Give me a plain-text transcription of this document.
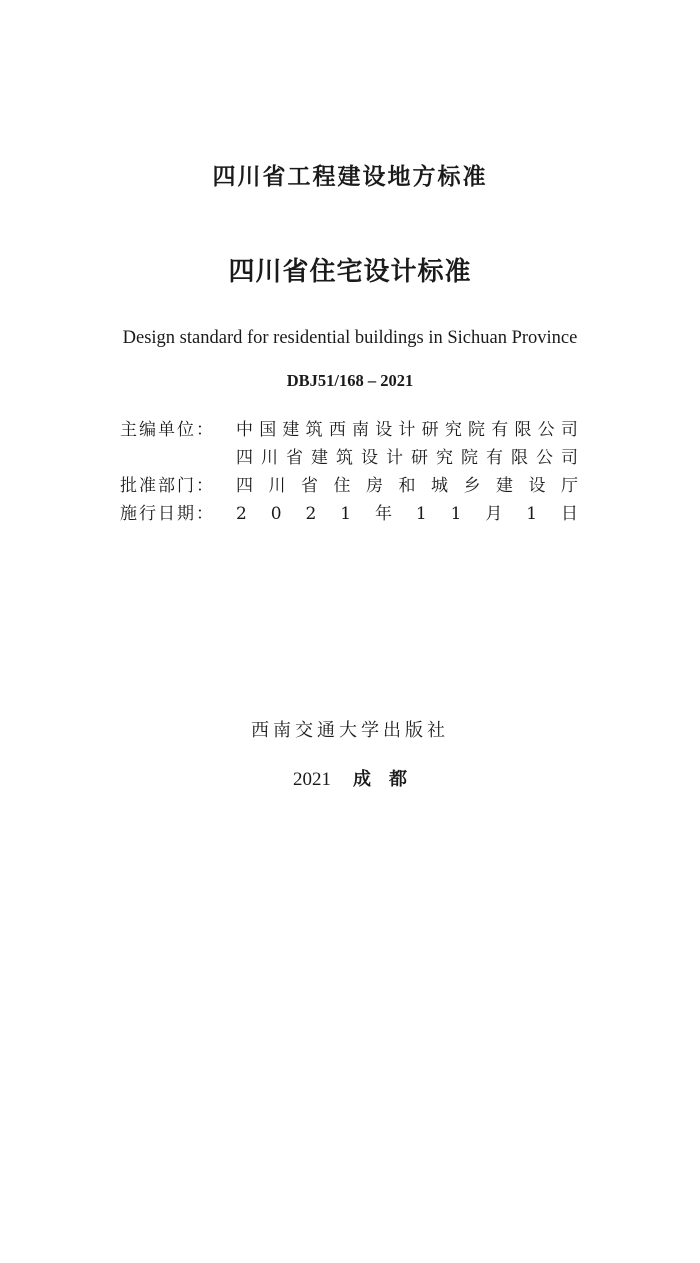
四川省工程建设地方标准
四川省住宅设计标准
Design standard for residential buildings in Sichuan Province
DBJ51/168 – 2021
主编单位：	中 国 建 筑 西 南 设 计 研 究 院 有 限 公 司
四 川 省 建 筑 设 计 研 究 院 有 限 公 司
批准部门：	四 川 省 住 房 和 城 乡 建 设 厅
施行日期：	2 0 2 1 年 1 1 月 1 日
西南交通大学出版社
2021 成都
